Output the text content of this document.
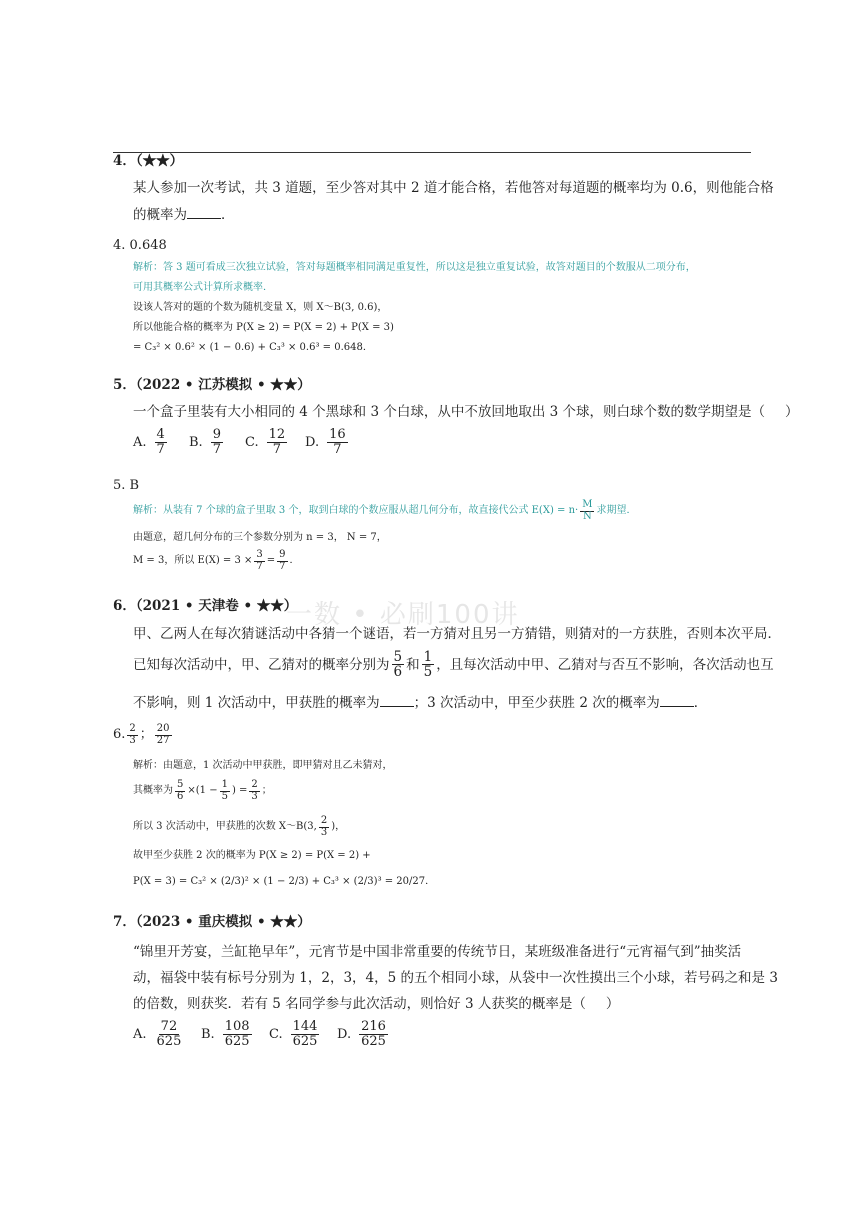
一数 • 必刷100讲
4．（★★）
某人参加一次考试，共 3 道题，至少答对其中 2 道才能合格，若他答对每道题的概率均为 0.6，则他能合格
的概率为	．
4. 0.648
解析：答 3 题可看成三次独立试验，答对每题概率相同满足重复性，所以这是独立重复试验，故答对题目的个数服从二项分布，
可用其概率公式计算所求概率．
设该人答对的题的个数为随机变量 X，则 X～B(3, 0.6)，
所以他能合格的概率为 P(X ≥ 2) = P(X = 2) + P(X = 3)
= C₃² × 0.6² × (1 − 0.6) + C₃³ × 0.6³ = 0.648．
5．（2022 • 江苏模拟 • ★★）
一个盒子里装有大小相同的 4 个黑球和 3 个白球，从中不放回地取出 3 个球，则白球个数的数学期望是（ ）
A. $\frac{4}{7} B$. $\frac{9}{7} C$. $\frac{12}{7} D$. $\frac{16}{7}$
5. B
解析：从装有 7 个球的盒子里取 3 个，取到白球的个数应服从超几何分布，故直接代公式 $E(X) = n\cdot \frac{M}{N}$ 求期望．
由题意，超几何分布的三个参数分别为 n = 3， N = 7，
M = 3，所以 $E(X) = 3 \times \frac{3}{7} = \frac{9}{7}$ ．
6．（2021 • 天津卷 • ★★）
甲、乙两人在每次猜谜活动中各猜一个谜语，若一方猜对且另一方猜错，则猜对的一方获胜，否则本次平局．
已知每次活动中，甲、乙猜对的概率分别为 $\frac{5}{6}$ 和 $\frac{1}{5}$ ，且每次活动中甲、乙猜对与否互不影响，各次活动也互
不影响，则 1 次活动中，甲获胜的概率为	；3 次活动中，甲至少获胜 2 次的概率为	．
6. $\frac{2}{3}$ ； $\frac{20}{27}$
解析：由题意，1 次活动中甲获胜，即甲猜对且乙未猜对，
其概率为 $\frac{5}{6} \times(1 - \frac{1}{5}$ ) = $\frac{2}{3}$ ；
所以 3 次活动中，甲获胜的次数 X～B(3, $\frac{2}{3}$ )，
故甲至少获胜 2 次的概率为 P(X ≥ 2) = P(X = 2) +
P(X = 3) = C₃² × (2/3)² × (1 − 2/3) + C₃³ × (2/3)³ = 20/27．
7．（2023 • 重庆模拟 • ★★）
“锦里开芳宴，兰缸艳早年”，元宵节是中国非常重要的传统节日，某班级准备进行“元宵福气到”抽奖活
动，福袋中装有标号分别为 1，2，3，4，5 的五个相同小球，从袋中一次性摸出三个小球，若号码之和是 3
的倍数，则获奖．若有 5 名同学参与此次活动，则恰好 3 人获奖的概率是（ ）
A. $\frac{72}{625} B$. $\frac{108}{625} C$. $\frac{144}{625} D$. $\frac{216}{625}$
